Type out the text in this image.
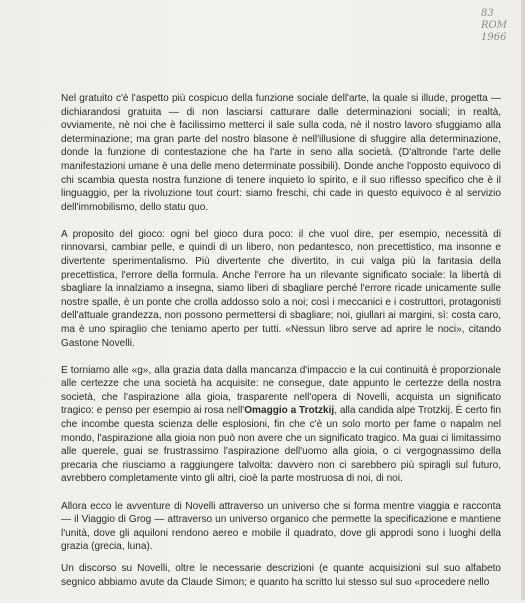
83
ROM
1966

Nel gratuito c'è l'aspetto più cospicuo della funzione sociale dell'arte, la quale si illude, progetta — dichiarandosi gratuita — di non lasciarsi catturare dalle determinazioni sociali; in realtà, ovviamente, nè noi che è facilissimo metterci il sale sulla coda, nè il nostro lavoro sfuggiamo alla determinazione; ma gran parte del nostro blasone è nell'illusione di sfuggire alla determinazione, donde la funzione di contestazione che ha l'arte in seno alla società. (D'altronde l'arte delle manifestazioni umane è una delle meno determinate possibili). Donde anche l'opposto equivoco di chi scambia questa nostra funzione di tenere inquieto lo spirito, e il suo riflesso specifico che è il linguaggio, per la rivoluzione tout court: siamo freschi, chi cade in questo equivoco è al servizio dell'immobilismo, dello statu quo.

A proposito del gioco: ogni bel gioco dura poco: il che vuol dire, per esempio, necessità di rinnovarsi, cambiar pelle, e quindi di un libero, non pedantesco, non precettistico, ma insonne e divertente sperimentalismo. Più divertente che divertito, in cui valga più la fantasia della precettistica, l'errore della formula. Anche l'errore ha un rilevante significato sociale: la libertà di sbagliare la innalziamo a insegna, siamo liberi di sbagliare perché l'errore ricade unicamente sulle nostre spalle, è un ponte che crolla addosso solo a noi; così i meccanici e i costruttori, protagonisti dell'attuale grandezza, non possono permettersi di sbagliare; noi, giullari ai margini, sì: costa caro, ma è uno spiraglio che teniamo aperto per tutti. «Nessun libro serve ad aprire le noci», citando Gastone Novelli.

E torniamo alle «g», alla grazia data dalla mancanza d'impaccio e la cui continuità è proporzionale alle certezze che una società ha acquisite: ne consegue, date appunto le certezze della nostra società, che l'aspirazione alla gioia, trasparente nell'opera di Novelli, acquista un significato tragico: e penso per esempio ai rosa nell'Omaggio a Trotzkij, alla candida alpe Trotzkij. È certo fin che incombe questa scienza delle esplosioni, fin che c'è un solo morto per fame o napalm nel mondo, l'aspirazione alla gioia non può non avere che un significato tragico. Ma guai ci limitassimo alle querele, guai se frustrassimo l'aspirazione dell'uomo alla gioia, o ci vergognassimo della precaria che riusciamo a raggiungere talvolta: davvero non ci sarebbero più spiragli sul futuro, avrebbero completamente vinto gli altri, cioè la parte mostruosa di noi, di noi.

Allora ecco le avventure di Novelli attraverso un universo che si forma mentre viaggia e racconta — il Viaggio di Grog — attraverso un universo organico che permette la specificazione e mantiene l'unità, dove gli aquiloni rendono aereo e mobile il quadrato, dove gli approdi sono i luoghi della grazia (grecia, luna).

Un discorso su Novelli, oltre le necessarie descrizioni (e quante acquisizioni sul suo alfabeto segnico abbiamo avute da Claude Simon; e quanto ha scritto lui stesso sul suo «procedere nello
